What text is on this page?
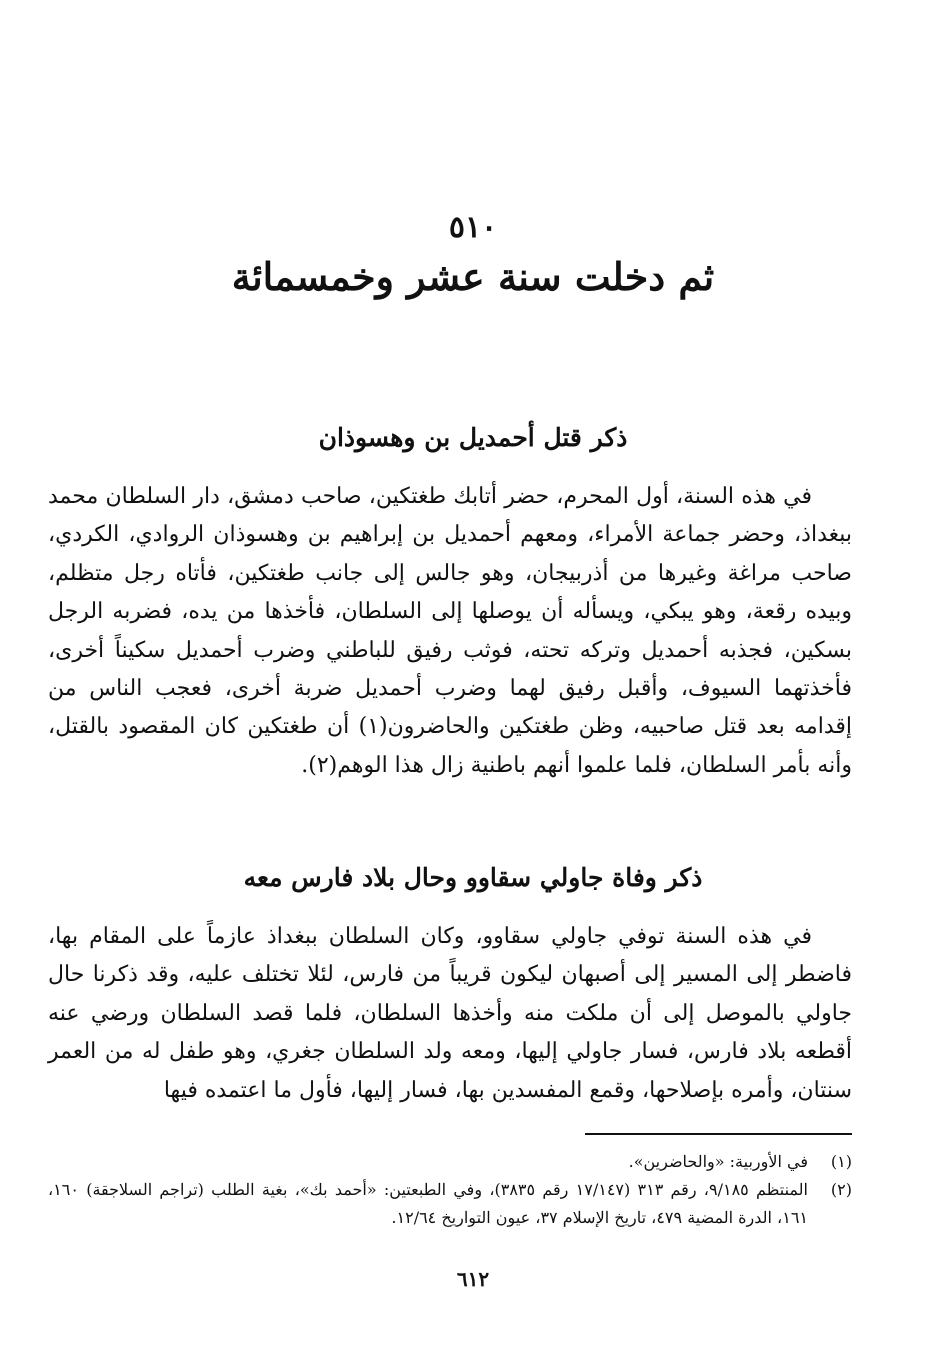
٥١٠
ثم دخلت سنة عشر وخمسمائة
ذكر قتل أحمديل بن وهسوذان
في هذه السنة، أول المحرم، حضر أتابك طغتكين، صاحب دمشق، دار السلطان محمد ببغداذ، وحضر جماعة الأمراء، ومعهم أحمديل بن إبراهيم بن وهسوذان الروادي، الكردي، صاحب مراغة وغيرها من أذربيجان، وهو جالس إلى جانب طغتكين، فأتاه رجل متظلم، وبيده رقعة، وهو يبكي، ويسأله أن يوصلها إلى السلطان، فأخذها من يده، فضربه الرجل بسكين، فجذبه أحمديل وتركه تحته، فوثب رفيق للباطني وضرب أحمديل سكيناً أخرى، فأخذتهما السيوف، وأقبل رفيق لهما وضرب أحمديل ضربة أخرى، فعجب الناس من إقدامه بعد قتل صاحبيه، وظن طغتكين والحاضرون(١) أن طغتكين كان المقصود بالقتل، وأنه بأمر السلطان، فلما علموا أنهم باطنية زال هذا الوهم(٢).
ذكر وفاة جاولي سقاوو وحال بلاد فارس معه
في هذه السنة توفي جاولي سقاوو، وكان السلطان ببغداذ عازماً على المقام بها، فاضطر إلى المسير إلى أصبهان ليكون قريباً من فارس، لئلا تختلف عليه، وقد ذكرنا حال جاولي بالموصل إلى أن ملكت منه وأخذها السلطان، فلما قصد السلطان ورضي عنه أقطعه بلاد فارس، فسار جاولي إليها، ومعه ولد السلطان جغري، وهو طفل له من العمر سنتان، وأمره بإصلاحها، وقمع المفسدين بها، فسار إليها، فأول ما اعتمده فيها
(١)
في الأوربية: «والحاضرين».
(٢)
المنتظم ٩/١٨٥، رقم ٣١٣ (١٧/١٤٧ رقم ٣٨٣٥)، وفي الطبعتين: «أحمد بك»، بغية الطلب (تراجم السلاجقة) ١٦٠، ١٦١، الدرة المضية ٤٧٩، تاريخ الإسلام ٣٧، عيون التواريخ ١٢/٦٤.
٦١٢
